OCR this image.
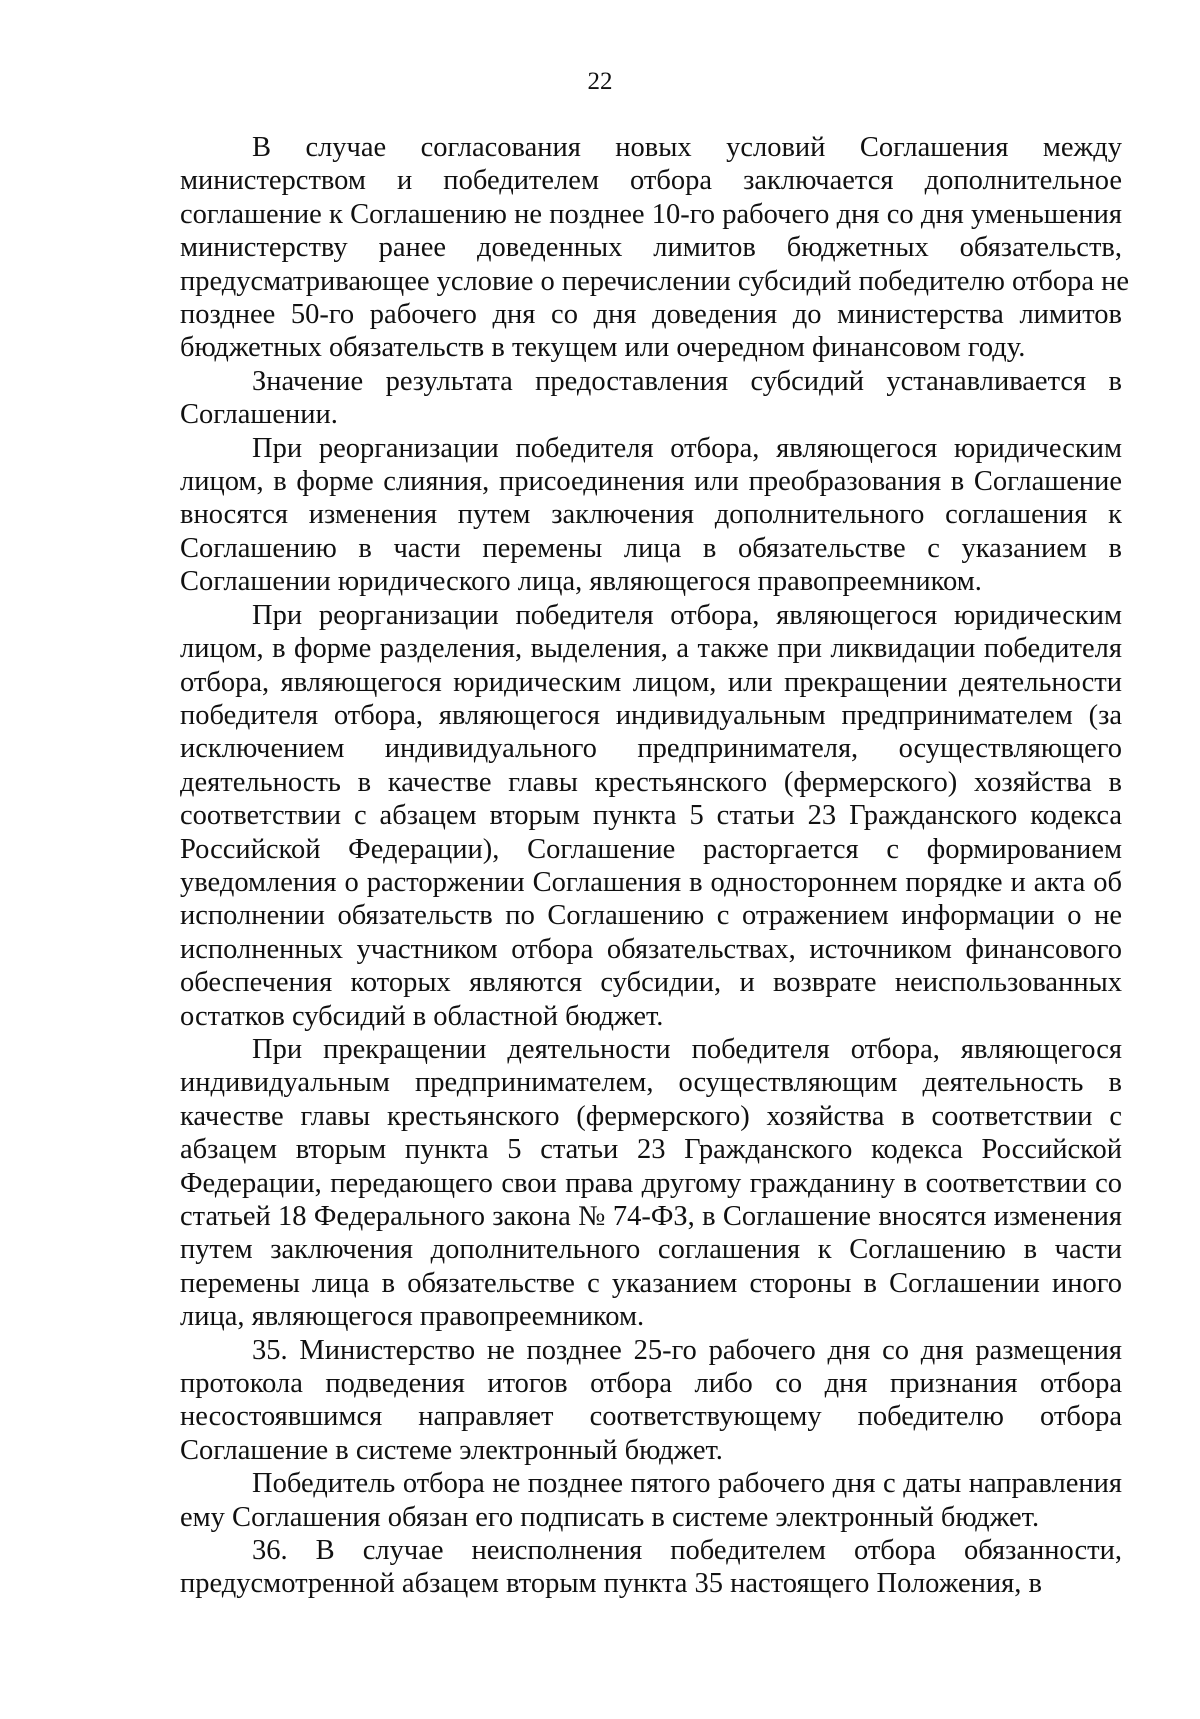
22
В случае согласования новых условий Соглашения между
министерством и победителем отбора заключается дополнительное
соглашение к Соглашению не позднее 10-го рабочего дня со дня уменьшения
министерству ранее доведенных лимитов бюджетных обязательств,
предусматривающее условие о перечислении субсидий победителю отбора не
позднее 50-го рабочего дня со дня доведения до министерства лимитов
бюджетных обязательств в текущем или очередном финансовом году.
Значение результата предоставления субсидий устанавливается в
Соглашении.
При реорганизации победителя отбора, являющегося юридическим
лицом, в форме слияния, присоединения или преобразования в Соглашение
вносятся изменения путем заключения дополнительного соглашения к
Соглашению в части перемены лица в обязательстве с указанием в
Соглашении юридического лица, являющегося правопреемником.
При реорганизации победителя отбора, являющегося юридическим
лицом, в форме разделения, выделения, а также при ликвидации победителя
отбора, являющегося юридическим лицом, или прекращении деятельности
победителя отбора, являющегося индивидуальным предпринимателем (за
исключением индивидуального предпринимателя, осуществляющего
деятельность в качестве главы крестьянского (фермерского) хозяйства в
соответствии с абзацем вторым пункта 5 статьи 23 Гражданского кодекса
Российской Федерации), Соглашение расторгается с формированием
уведомления о расторжении Соглашения в одностороннем порядке и акта об
исполнении обязательств по Соглашению с отражением информации о не
исполненных участником отбора обязательствах, источником финансового
обеспечения которых являются субсидии, и возврате неиспользованных
остатков субсидий в областной бюджет.
При прекращении деятельности победителя отбора, являющегося
индивидуальным предпринимателем, осуществляющим деятельность в
качестве главы крестьянского (фермерского) хозяйства в соответствии с
абзацем вторым пункта 5 статьи 23 Гражданского кодекса Российской
Федерации, передающего свои права другому гражданину в соответствии со
статьей 18 Федерального закона № 74-ФЗ, в Соглашение вносятся изменения
путем заключения дополнительного соглашения к Соглашению в части
перемены лица в обязательстве с указанием стороны в Соглашении иного
лица, являющегося правопреемником.
35. Министерство не позднее 25-го рабочего дня со дня размещения
протокола подведения итогов отбора либо со дня признания отбора
несостоявшимся направляет соответствующему победителю отбора
Соглашение в системе электронный бюджет.
Победитель отбора не позднее пятого рабочего дня с даты направления
ему Соглашения обязан его подписать в системе электронный бюджет.
36. В случае неисполнения победителем отбора обязанности,
предусмотренной абзацем вторым пункта 35 настоящего Положения, в
